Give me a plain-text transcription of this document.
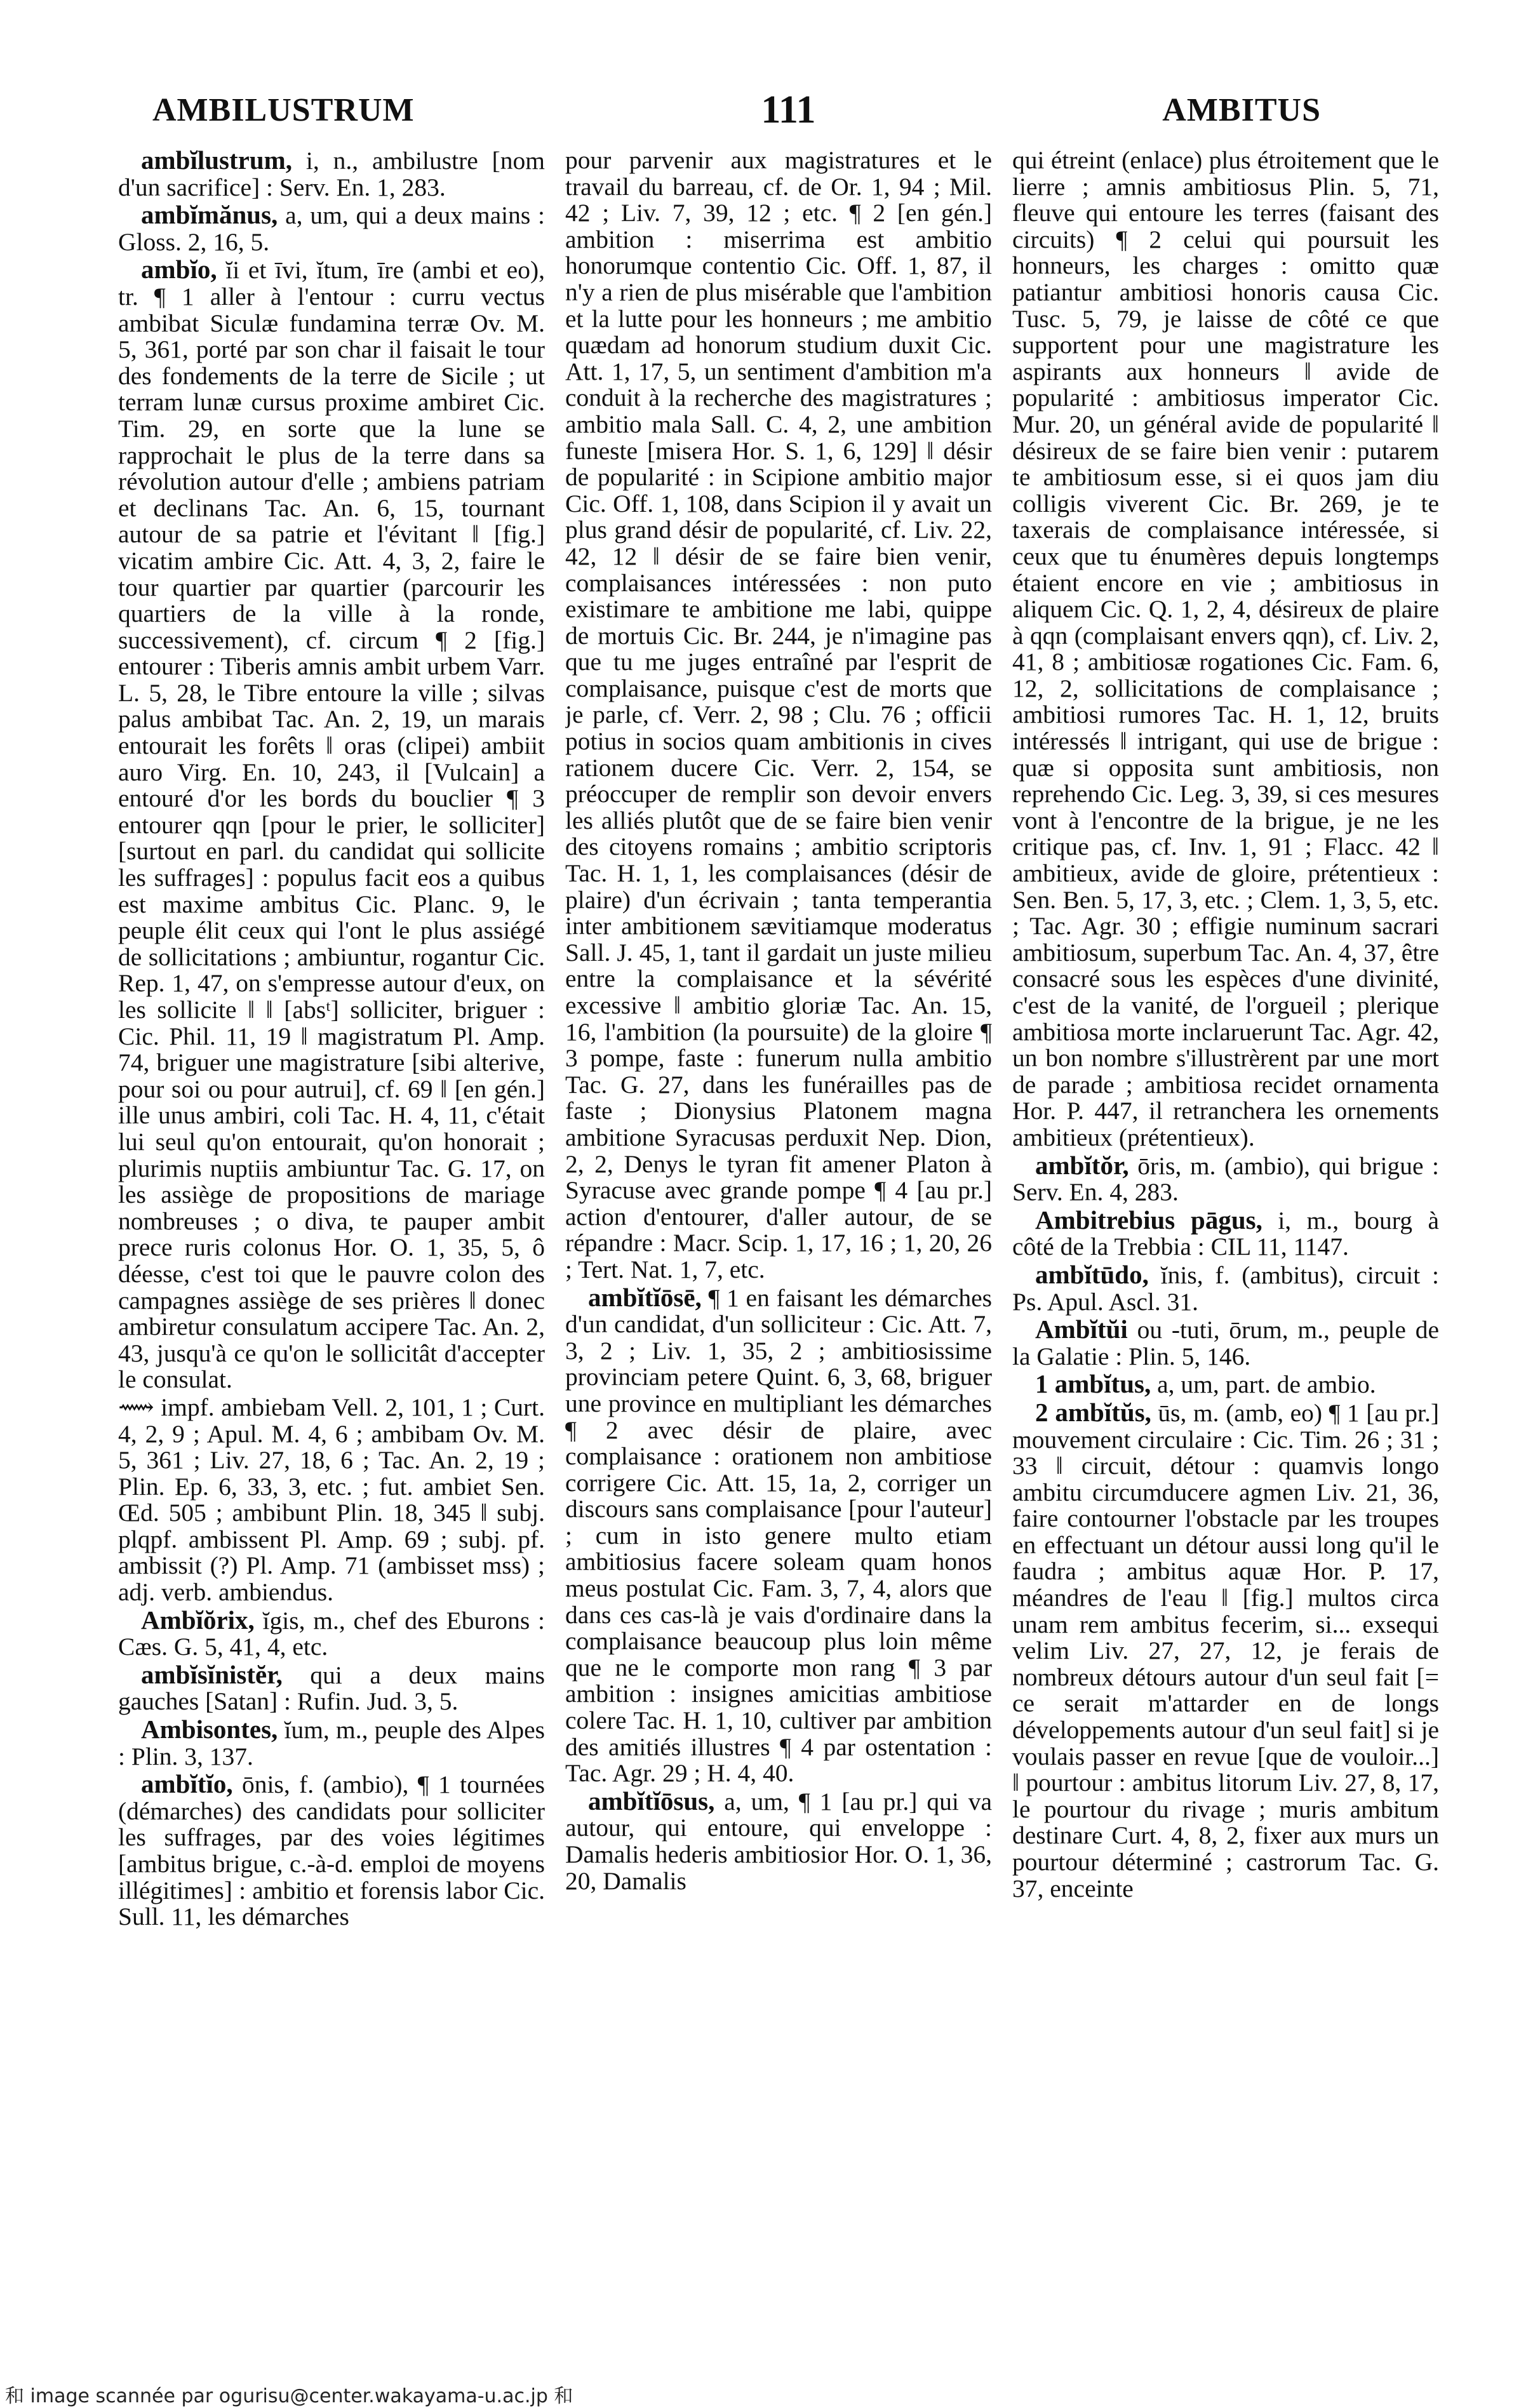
AMBILUSTRUM	111	AMBITUS

ambĭlustrum, i, n., ambilustre [nom d'un sacrifice] : Serv. En. 1, 283.

ambĭmănus, a, um, qui a deux mains : Gloss. 2, 16, 5.

ambĭo, ĭi et īvi, ĭtum, īre (ambi et eo), tr. ¶ 1 aller à l'entour : curru vectus ambibat Siculæ fundamina terræ Ov. M. 5, 361, porté par son char il faisait le tour des fondements de la terre de Sicile ; ut terram lunæ cursus proxime ambiret Cic. Tim. 29, en sorte que la lune se rapprochait le plus de la terre dans sa révolution autour d'elle ; ambiens patriam et declinans Tac. An. 6, 15, tournant autour de sa patrie et l'évitant ‖ [fig.] vicatim ambire Cic. Att. 4, 3, 2, faire le tour quartier par quartier (parcourir les quartiers de la ville à la ronde, successivement), cf. circum ¶ 2 [fig.] entourer : Tiberis amnis ambit urbem Varr. L. 5, 28, le Tibre entoure la ville ; silvas palus ambibat Tac. An. 2, 19, un marais entourait les forêts ‖ oras (clipei) ambiit auro Virg. En. 10, 243, il [Vulcain] a entouré d'or les bords du bouclier ¶ 3 entourer qqn [pour le prier, le solliciter] [surtout en parl. du candidat qui sollicite les suffrages] : populus facit eos a quibus est maxime ambitus Cic. Planc. 9, le peuple élit ceux qui l'ont le plus assiégé de sollicitations ; ambiuntur, rogantur Cic. Rep. 1, 47, on s'empresse autour d'eux, on les sollicite ‖ ‖ [absᵗ] solliciter, briguer : Cic. Phil. 11, 19 ‖ magistratum Pl. Amp. 74, briguer une magistrature [sibi alterive, pour soi ou pour autrui], cf. 69 ‖ [en gén.] ille unus ambiri, coli Tac. H. 4, 11, c'était lui seul qu'on entourait, qu'on honorait ; plurimis nuptiis ambiuntur Tac. G. 17, on les assiège de propositions de mariage nombreuses ; o diva, te pauper ambit prece ruris colonus Hor. O. 1, 35, 5, ô déesse, c'est toi que le pauvre colon des campagnes assiège de ses prières ‖ donec ambiretur consulatum accipere Tac. An. 2, 43, jusqu'à ce qu'on le sollicitât d'accepter le consulat.

⟿ impf. ambiebam Vell. 2, 101, 1 ; Curt. 4, 2, 9 ; Apul. M. 4, 6 ; ambibam Ov. M. 5, 361 ; Liv. 27, 18, 6 ; Tac. An. 2, 19 ; Plin. Ep. 6, 33, 3, etc. ; fut. ambiet Sen. Œd. 505 ; ambibunt Plin. 18, 345 ‖ subj. plqpf. ambissent Pl. Amp. 69 ; subj. pf. ambissit (?) Pl. Amp. 71 (ambisset mss) ; adj. verb. ambiendus.

Ambĭŏrix, ĭgis, m., chef des Eburons : Cæs. G. 5, 41, 4, etc.

ambĭsĭnistĕr, qui a deux mains gauches [Satan] : Rufin. Jud. 3, 5.

Ambisontes, ĭum, m., peuple des Alpes : Plin. 3, 137.

ambĭtĭo, ōnis, f. (ambio), ¶ 1 tournées (démarches) des candidats pour solliciter les suffrages, par des voies légitimes [ambitus brigue, c.-à-d. emploi de moyens illégitimes] : ambitio et forensis labor Cic. Sull. 11, les démarches

pour parvenir aux magistratures et le travail du barreau, cf. de Or. 1, 94 ; Mil. 42 ; Liv. 7, 39, 12 ; etc. ¶ 2 [en gén.] ambition : miserrima est ambitio honorumque contentio Cic. Off. 1, 87, il n'y a rien de plus misérable que l'ambition et la lutte pour les honneurs ; me ambitio quædam ad honorum studium duxit Cic. Att. 1, 17, 5, un sentiment d'ambition m'a conduit à la recherche des magistratures ; ambitio mala Sall. C. 4, 2, une ambition funeste [misera Hor. S. 1, 6, 129] ‖ désir de popularité : in Scipione ambitio major Cic. Off. 1, 108, dans Scipion il y avait un plus grand désir de popularité, cf. Liv. 22, 42, 12 ‖ désir de se faire bien venir, complaisances intéressées : non puto existimare te ambitione me labi, quippe de mortuis Cic. Br. 244, je n'imagine pas que tu me juges entraîné par l'esprit de complaisance, puisque c'est de morts que je parle, cf. Verr. 2, 98 ; Clu. 76 ; officii potius in socios quam ambitionis in cives rationem ducere Cic. Verr. 2, 154, se préoccuper de remplir son devoir envers les alliés plutôt que de se faire bien venir des citoyens romains ; ambitio scriptoris Tac. H. 1, 1, les complaisances (désir de plaire) d'un écrivain ; tanta temperantia inter ambitionem sævitiamque moderatus Sall. J. 45, 1, tant il gardait un juste milieu entre la complaisance et la sévérité excessive ‖ ambitio gloriæ Tac. An. 15, 16, l'ambition (la poursuite) de la gloire ¶ 3 pompe, faste : funerum nulla ambitio Tac. G. 27, dans les funérailles pas de faste ; Dionysius Platonem magna ambitione Syracusas perduxit Nep. Dion, 2, 2, Denys le tyran fit amener Platon à Syracuse avec grande pompe ¶ 4 [au pr.] action d'entourer, d'aller autour, de se répandre : Macr. Scip. 1, 17, 16 ; 1, 20, 26 ; Tert. Nat. 1, 7, etc.

ambĭtĭōsē, ¶ 1 en faisant les démarches d'un candidat, d'un solliciteur : Cic. Att. 7, 3, 2 ; Liv. 1, 35, 2 ; ambitiosissime provinciam petere Quint. 6, 3, 68, briguer une province en multipliant les démarches ¶ 2 avec désir de plaire, avec complaisance : orationem non ambitiose corrigere Cic. Att. 15, 1a, 2, corriger un discours sans complaisance [pour l'auteur] ; cum in isto genere multo etiam ambitiosius facere soleam quam honos meus postulat Cic. Fam. 3, 7, 4, alors que dans ces cas-là je vais d'ordinaire dans la complaisance beaucoup plus loin même que ne le comporte mon rang ¶ 3 par ambition : insignes amicitias ambitiose colere Tac. H. 1, 10, cultiver par ambition des amitiés illustres ¶ 4 par ostentation : Tac. Agr. 29 ; H. 4, 40.

ambĭtĭōsus, a, um, ¶ 1 [au pr.] qui va autour, qui entoure, qui enveloppe : Damalis hederis ambitiosior Hor. O. 1, 36, 20, Damalis

qui étreint (enlace) plus étroitement que le lierre ; amnis ambitiosus Plin. 5, 71, fleuve qui entoure les terres (faisant des circuits) ¶ 2 celui qui poursuit les honneurs, les charges : omitto quæ patiantur ambitiosi honoris causa Cic. Tusc. 5, 79, je laisse de côté ce que supportent pour une magistrature les aspirants aux honneurs ‖ avide de popularité : ambitiosus imperator Cic. Mur. 20, un général avide de popularité ‖ désireux de se faire bien venir : putarem te ambitiosum esse, si ei quos jam diu colligis viverent Cic. Br. 269, je te taxerais de complaisance intéressée, si ceux que tu énumères depuis longtemps étaient encore en vie ; ambitiosus in aliquem Cic. Q. 1, 2, 4, désireux de plaire à qqn (complaisant envers qqn), cf. Liv. 2, 41, 8 ; ambitiosæ rogationes Cic. Fam. 6, 12, 2, sollicitations de complaisance ; ambitiosi rumores Tac. H. 1, 12, bruits intéressés ‖ intrigant, qui use de brigue : quæ si opposita sunt ambitiosis, non reprehendo Cic. Leg. 3, 39, si ces mesures vont à l'encontre de la brigue, je ne les critique pas, cf. Inv. 1, 91 ; Flacc. 42 ‖ ambitieux, avide de gloire, prétentieux : Sen. Ben. 5, 17, 3, etc. ; Clem. 1, 3, 5, etc. ; Tac. Agr. 30 ; effigie numinum sacrari ambitiosum, superbum Tac. An. 4, 37, être consacré sous les espèces d'une divinité, c'est de la vanité, de l'orgueil ; plerique ambitiosa morte inclaruerunt Tac. Agr. 42, un bon nombre s'illustrèrent par une mort de parade ; ambitiosa recidet ornamenta Hor. P. 447, il retranchera les ornements ambitieux (prétentieux).

ambĭtŏr, ōris, m. (ambio), qui brigue : Serv. En. 4, 283.

Ambitrebius pāgus, i, m., bourg à côté de la Trebbia : CIL 11, 1147.

ambĭtūdo, ĭnis, f. (ambitus), circuit : Ps. Apul. Ascl. 31.

Ambĭtŭi ou -tuti, ōrum, m., peuple de la Galatie : Plin. 5, 146.

1 ambĭtus, a, um, part. de ambio.

2 ambĭtŭs, ūs, m. (amb, eo) ¶ 1 [au pr.] mouvement circulaire : Cic. Tim. 26 ; 31 ; 33 ‖ circuit, détour : quamvis longo ambitu circumducere agmen Liv. 21, 36, faire contourner l'obstacle par les troupes en effectuant un détour aussi long qu'il le faudra ; ambitus aquæ Hor. P. 17, méandres de l'eau ‖ [fig.] multos circa unam rem ambitus fecerim, si... exsequi velim Liv. 27, 27, 12, je ferais de nombreux détours autour d'un seul fait [= ce serait m'attarder en de longs développements autour d'un seul fait] si je voulais passer en revue [que de vouloir...] ‖ pourtour : ambitus litorum Liv. 27, 8, 17, le pourtour du rivage ; muris ambitum destinare Curt. 4, 8, 2, fixer aux murs un pourtour déterminé ; castrorum Tac. G. 37, enceinte

和 image scannée par ogurisu@center.wakayama-u.ac.jp 和
